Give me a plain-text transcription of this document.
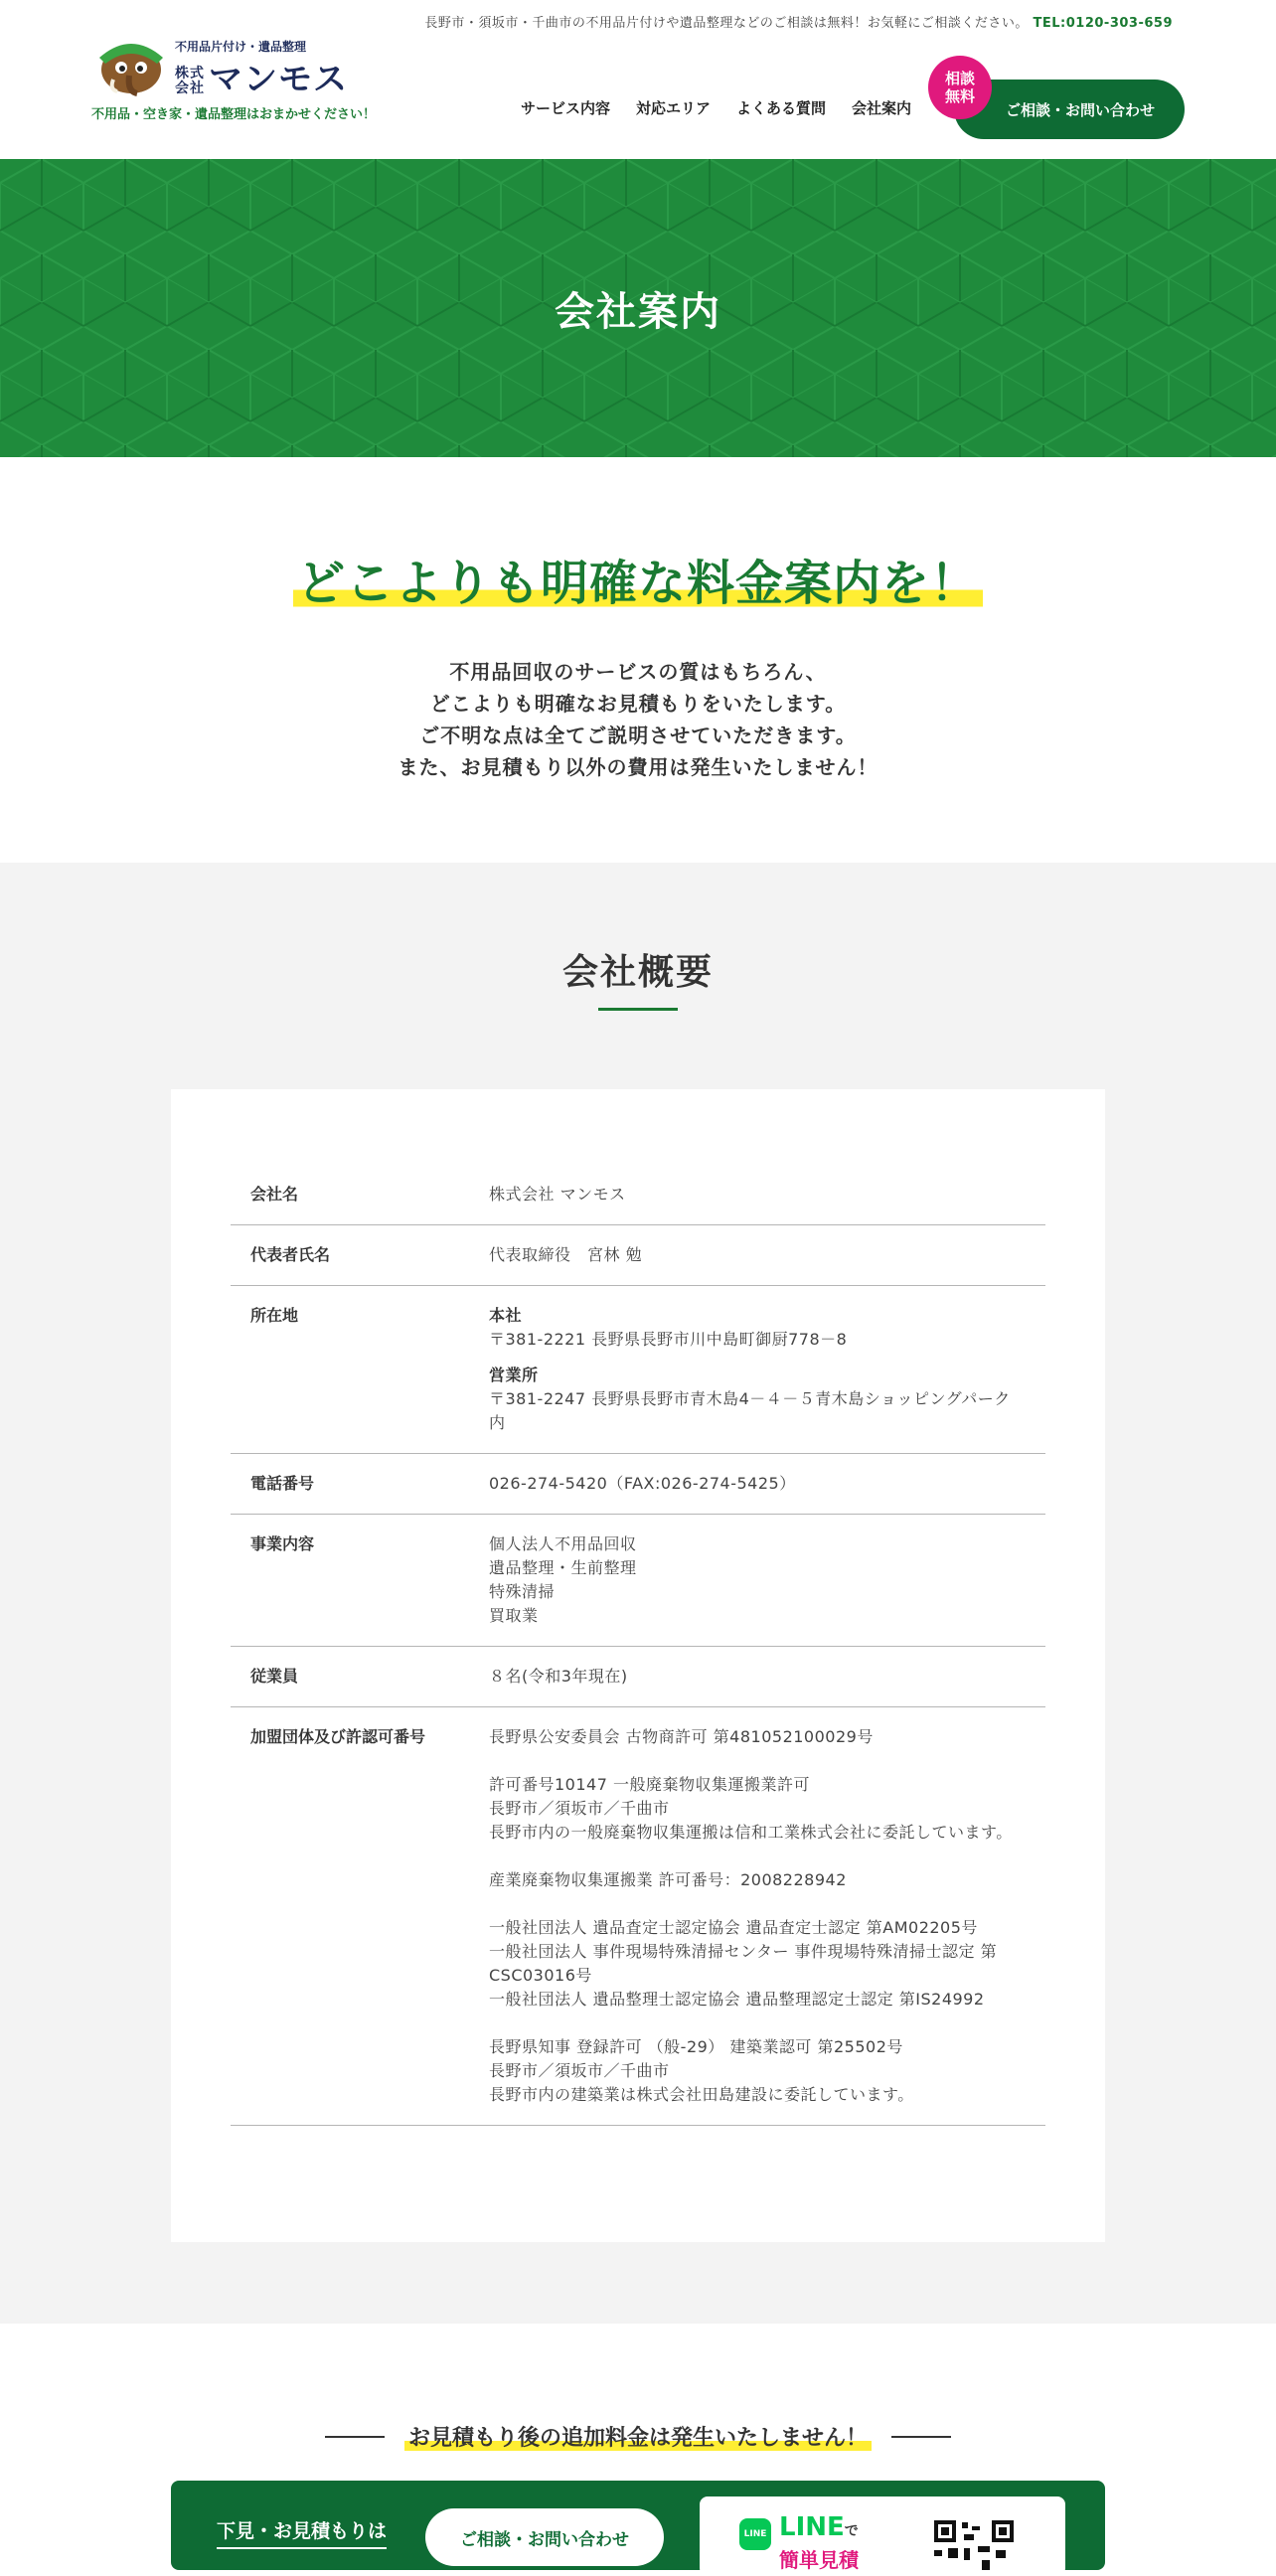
長野市・須坂市・千曲市の不用品片付けや遺品整理などのご相談は無料！お気軽にご相談ください。 TEL:0120-303-659
不用品片付け・遺品整理
株式会社 マンモス
不用品・空き家・遺品整理はおまかせください！	サービス内容 対応エリア よくある質問 会社案内	ご相談・お問い合わせ
相談無料
会社案内
どこよりも明確な料金案内を！
不用品回収のサービスの質はもちろん、
どこよりも明確なお見積もりをいたします。
ご不明な点は全てご説明させていただきます。
また、お見積もり以外の費用は発生いたしません！
会社概要
会社名	株式会社 マンモス
代表者氏名	代表取締役　宮林 勉
所在地	本社
〒381-2221 長野県長野市川中島町御厨778－8
営業所
〒381-2247 長野県長野市青木島4－４－５青木島ショッピングパーク内
電話番号	026-274-5420（FAX:026-274-5425）
事業内容	個人法人不用品回収
遺品整理・生前整理
特殊清掃
買取業
従業員	８名(令和3年現在)
加盟団体及び許認可番号	長野県公安委員会 古物商許可 第481052100029号
許可番号10147 一般廃棄物収集運搬業許可
長野市／須坂市／千曲市
長野市内の一般廃棄物収集運搬は信和工業株式会社に委託しています。
産業廃棄物収集運搬業 許可番号：2008228942
一般社団法人 遺品査定士認定協会 遺品査定士認定 第AM02205号
一般社団法人 事件現場特殊清掃センター 事件現場特殊清掃士認定 第CSC03016号
一般社団法人 遺品整理士認定協会 遺品整理認定士認定 第IS24992
長野県知事 登録許可 （般-29） 建築業認可 第25502号
長野市／須坂市／千曲市
長野市内の建築業は株式会社田島建設に委託しています。
お見積もり後の追加料金は発生いたしません！
下見・お見積もりは	ご相談・お問い合わせ	LINE LINEで
簡単見積
